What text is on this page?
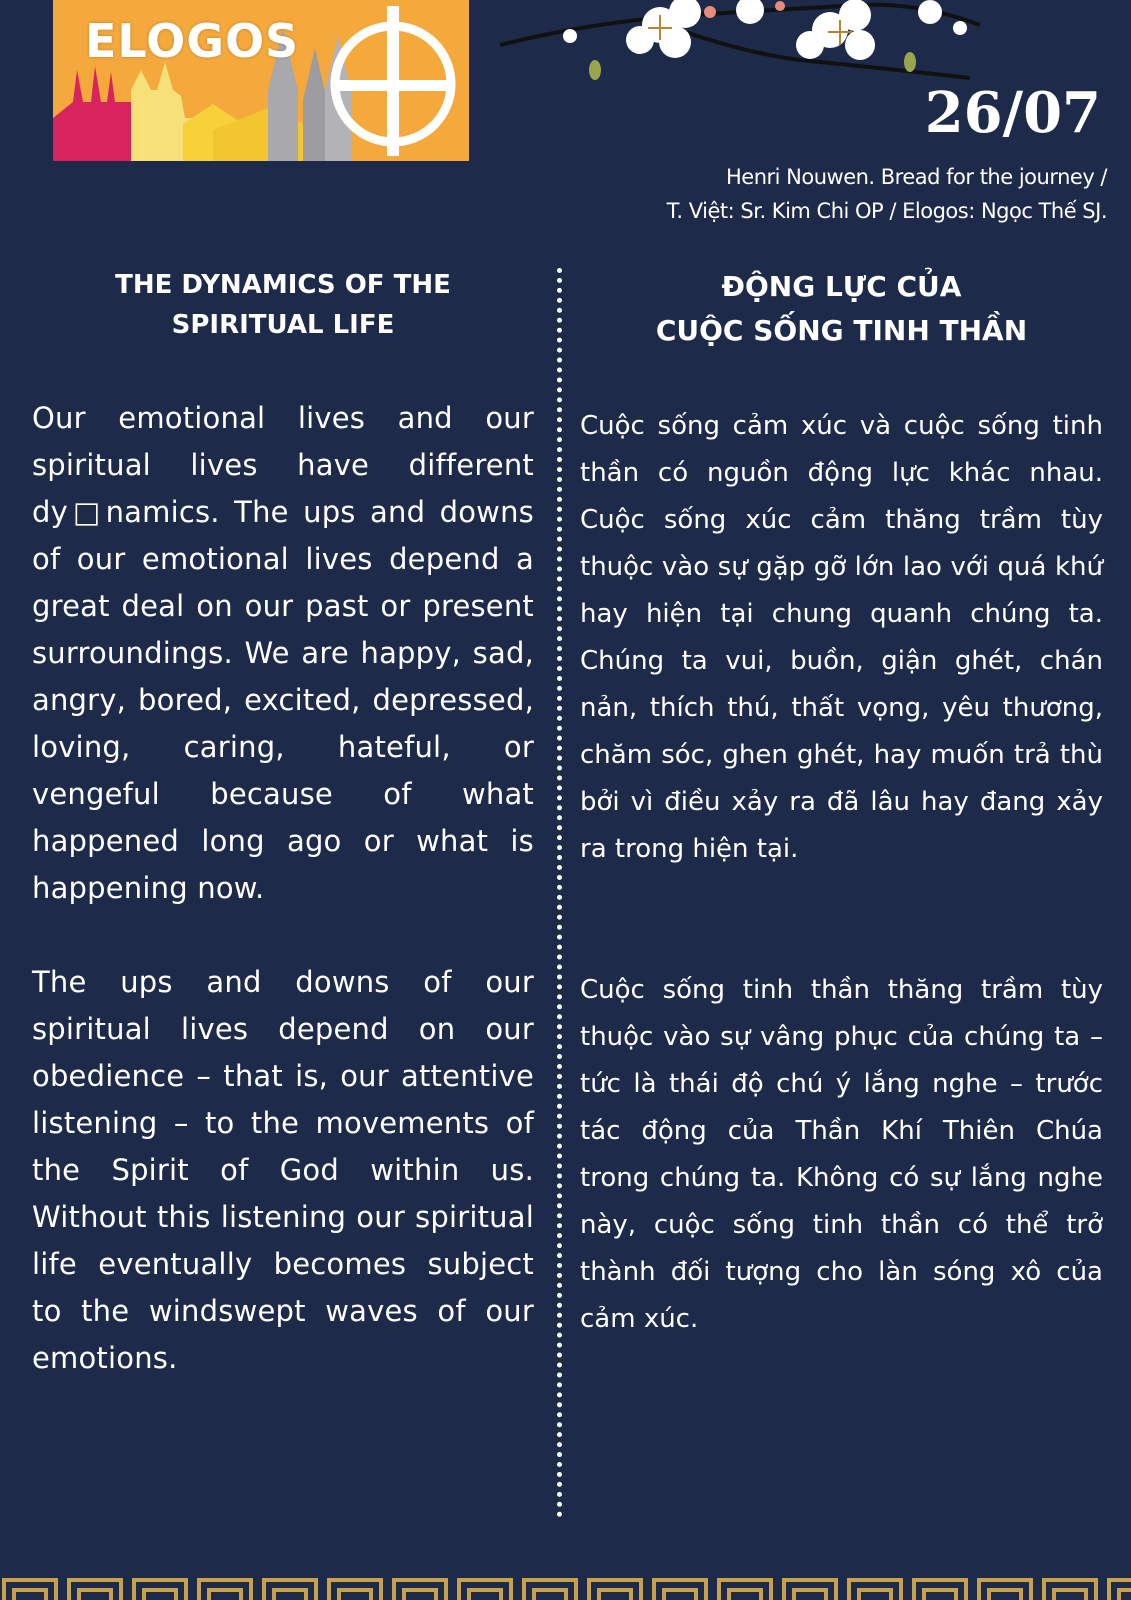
ELOGOS
26/07
Henri Nouwen. Bread for the journey /
T. Việt: Sr. Kim Chi OP / Elogos: Ngọc Thế SJ.
THE DYNAMICS OF THE
SPIRITUAL LIFE

Our emotional lives and our spiritual lives have different dy□namics. The ups and downs of our emotional lives depend a great deal on our past or present surroundings. We are happy, sad, angry, bored, excited, depressed, loving, caring, hateful, or vengeful because of what happened long ago or what is happening now.

The ups and downs of our spiritual lives depend on our obedience – that is, our attentive listening – to the movements of the Spirit of God within us. Without this listening our spiritual life eventually becomes subject to the windswept waves of our emotions.

ĐỘNG LỰC CỦA
CUỘC SỐNG TINH THẦN

Cuộc sống cảm xúc và cuộc sống tinh thần có nguồn động lực khác nhau. Cuộc sống xúc cảm thăng trầm tùy thuộc vào sự gặp gỡ lớn lao với quá khứ hay hiện tại chung quanh chúng ta. Chúng ta vui, buồn, giận ghét, chán nản, thích thú, thất vọng, yêu thương, chăm sóc, ghen ghét, hay muốn trả thù bởi vì điều xảy ra đã lâu hay đang xảy ra trong hiện tại.

Cuộc sống tinh thần thăng trầm tùy thuộc vào sự vâng phục của chúng ta – tức là thái độ chú ý lắng nghe – trước tác động của Thần Khí Thiên Chúa trong chúng ta. Không có sự lắng nghe này, cuộc sống tinh thần có thể trở thành đối tượng cho làn sóng xô của cảm xúc.
